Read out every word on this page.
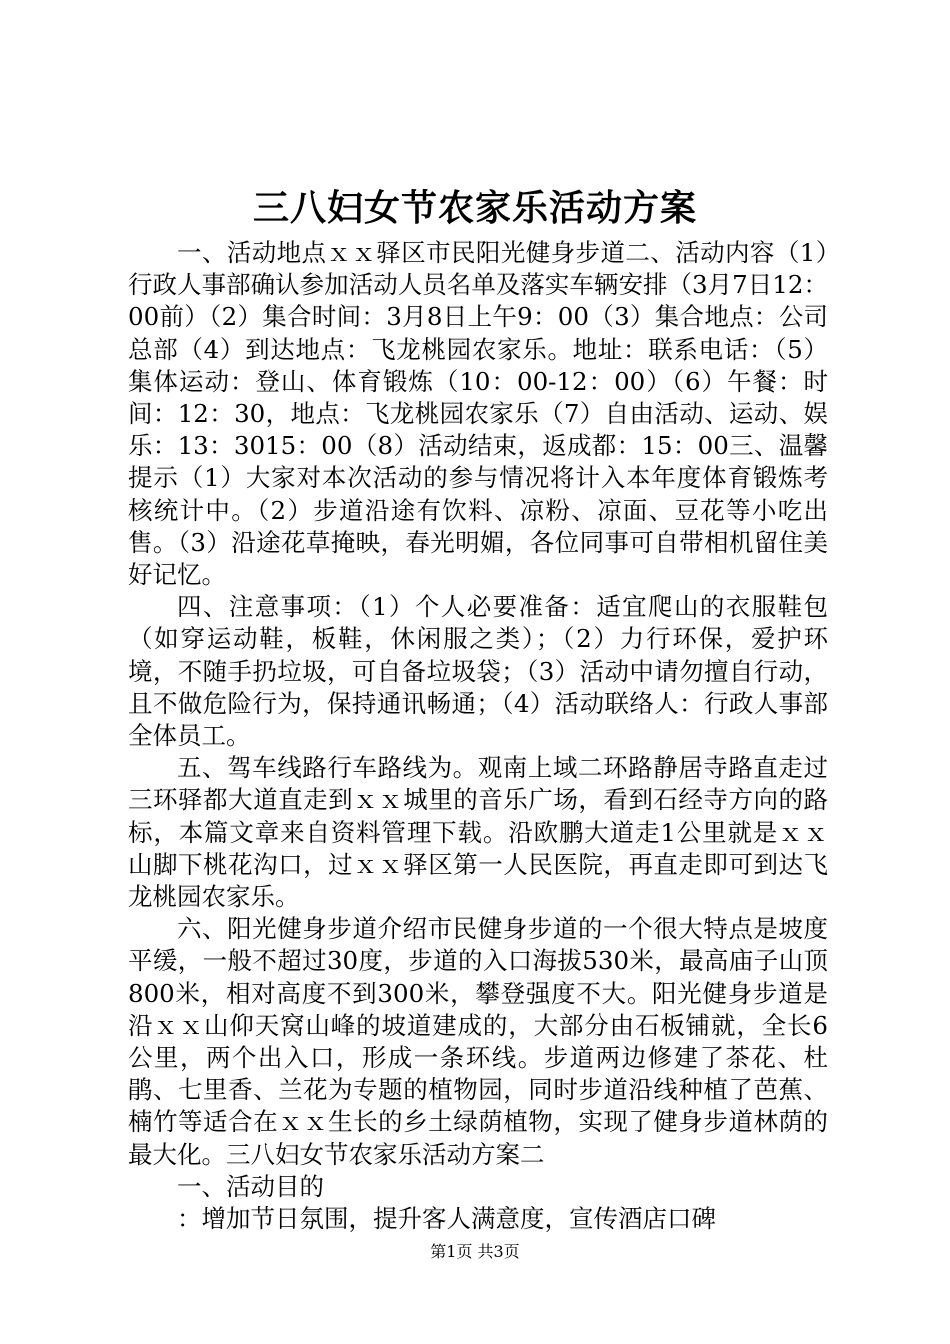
三八妇女节农家乐活动方案

一、活动地点ｘｘ驿区市民阳光健身步道二、活动内容（1）行政人事部确认参加活动人员名单及落实车辆安排（3月7日12：00前）（2）集合时间：3月8日上午9：00（3）集合地点：公司总部（4）到达地点：飞龙桃园农家乐。地址：联系电话：（5）集体运动：登山、体育锻炼（10：00-12：00）（6）午餐：时间：12：30，地点：飞龙桃园农家乐（7）自由活动、运动、娱乐：13：3015：00（8）活动结束，返成都：15：00三、温馨提示（1）大家对本次活动的参与情况将计入本年度体育锻炼考核统计中。（2）步道沿途有饮料、凉粉、凉面、豆花等小吃出售。（3）沿途花草掩映，春光明媚，各位同事可自带相机留住美好记忆。

四、注意事项：（1）个人必要准备：适宜爬山的衣服鞋包（如穿运动鞋，板鞋，休闲服之类）；（2）力行环保，爱护环境，不随手扔垃圾，可自备垃圾袋；（3）活动中请勿擅自行动，且不做危险行为，保持通讯畅通；（4）活动联络人：行政人事部全体员工。

五、驾车线路行车路线为。观南上域二环路静居寺路直走过三环驿都大道直走到ｘｘ城里的音乐广场，看到石经寺方向的路标，本篇文章来自资料管理下载。沿欧鹏大道走1公里就是ｘｘ山脚下桃花沟口，过ｘｘ驿区第一人民医院，再直走即可到达飞龙桃园农家乐。

六、阳光健身步道介绍市民健身步道的一个很大特点是坡度平缓，一般不超过30度，步道的入口海拔530米，最高庙子山顶800米，相对高度不到300米，攀登强度不大。阳光健身步道是沿ｘｘ山仰天窝山峰的坡道建成的，大部分由石板铺就，全长6公里，两个出入口，形成一条环线。步道两边修建了茶花、杜鹃、七里香、兰花为专题的植物园，同时步道沿线种植了芭蕉、楠竹等适合在ｘｘ生长的乡土绿荫植物，实现了健身步道林荫的最大化。三八妇女节农家乐活动方案二

一、活动目的

：增加节日氛围，提升客人满意度，宣传酒店口碑

第1页 共3页
